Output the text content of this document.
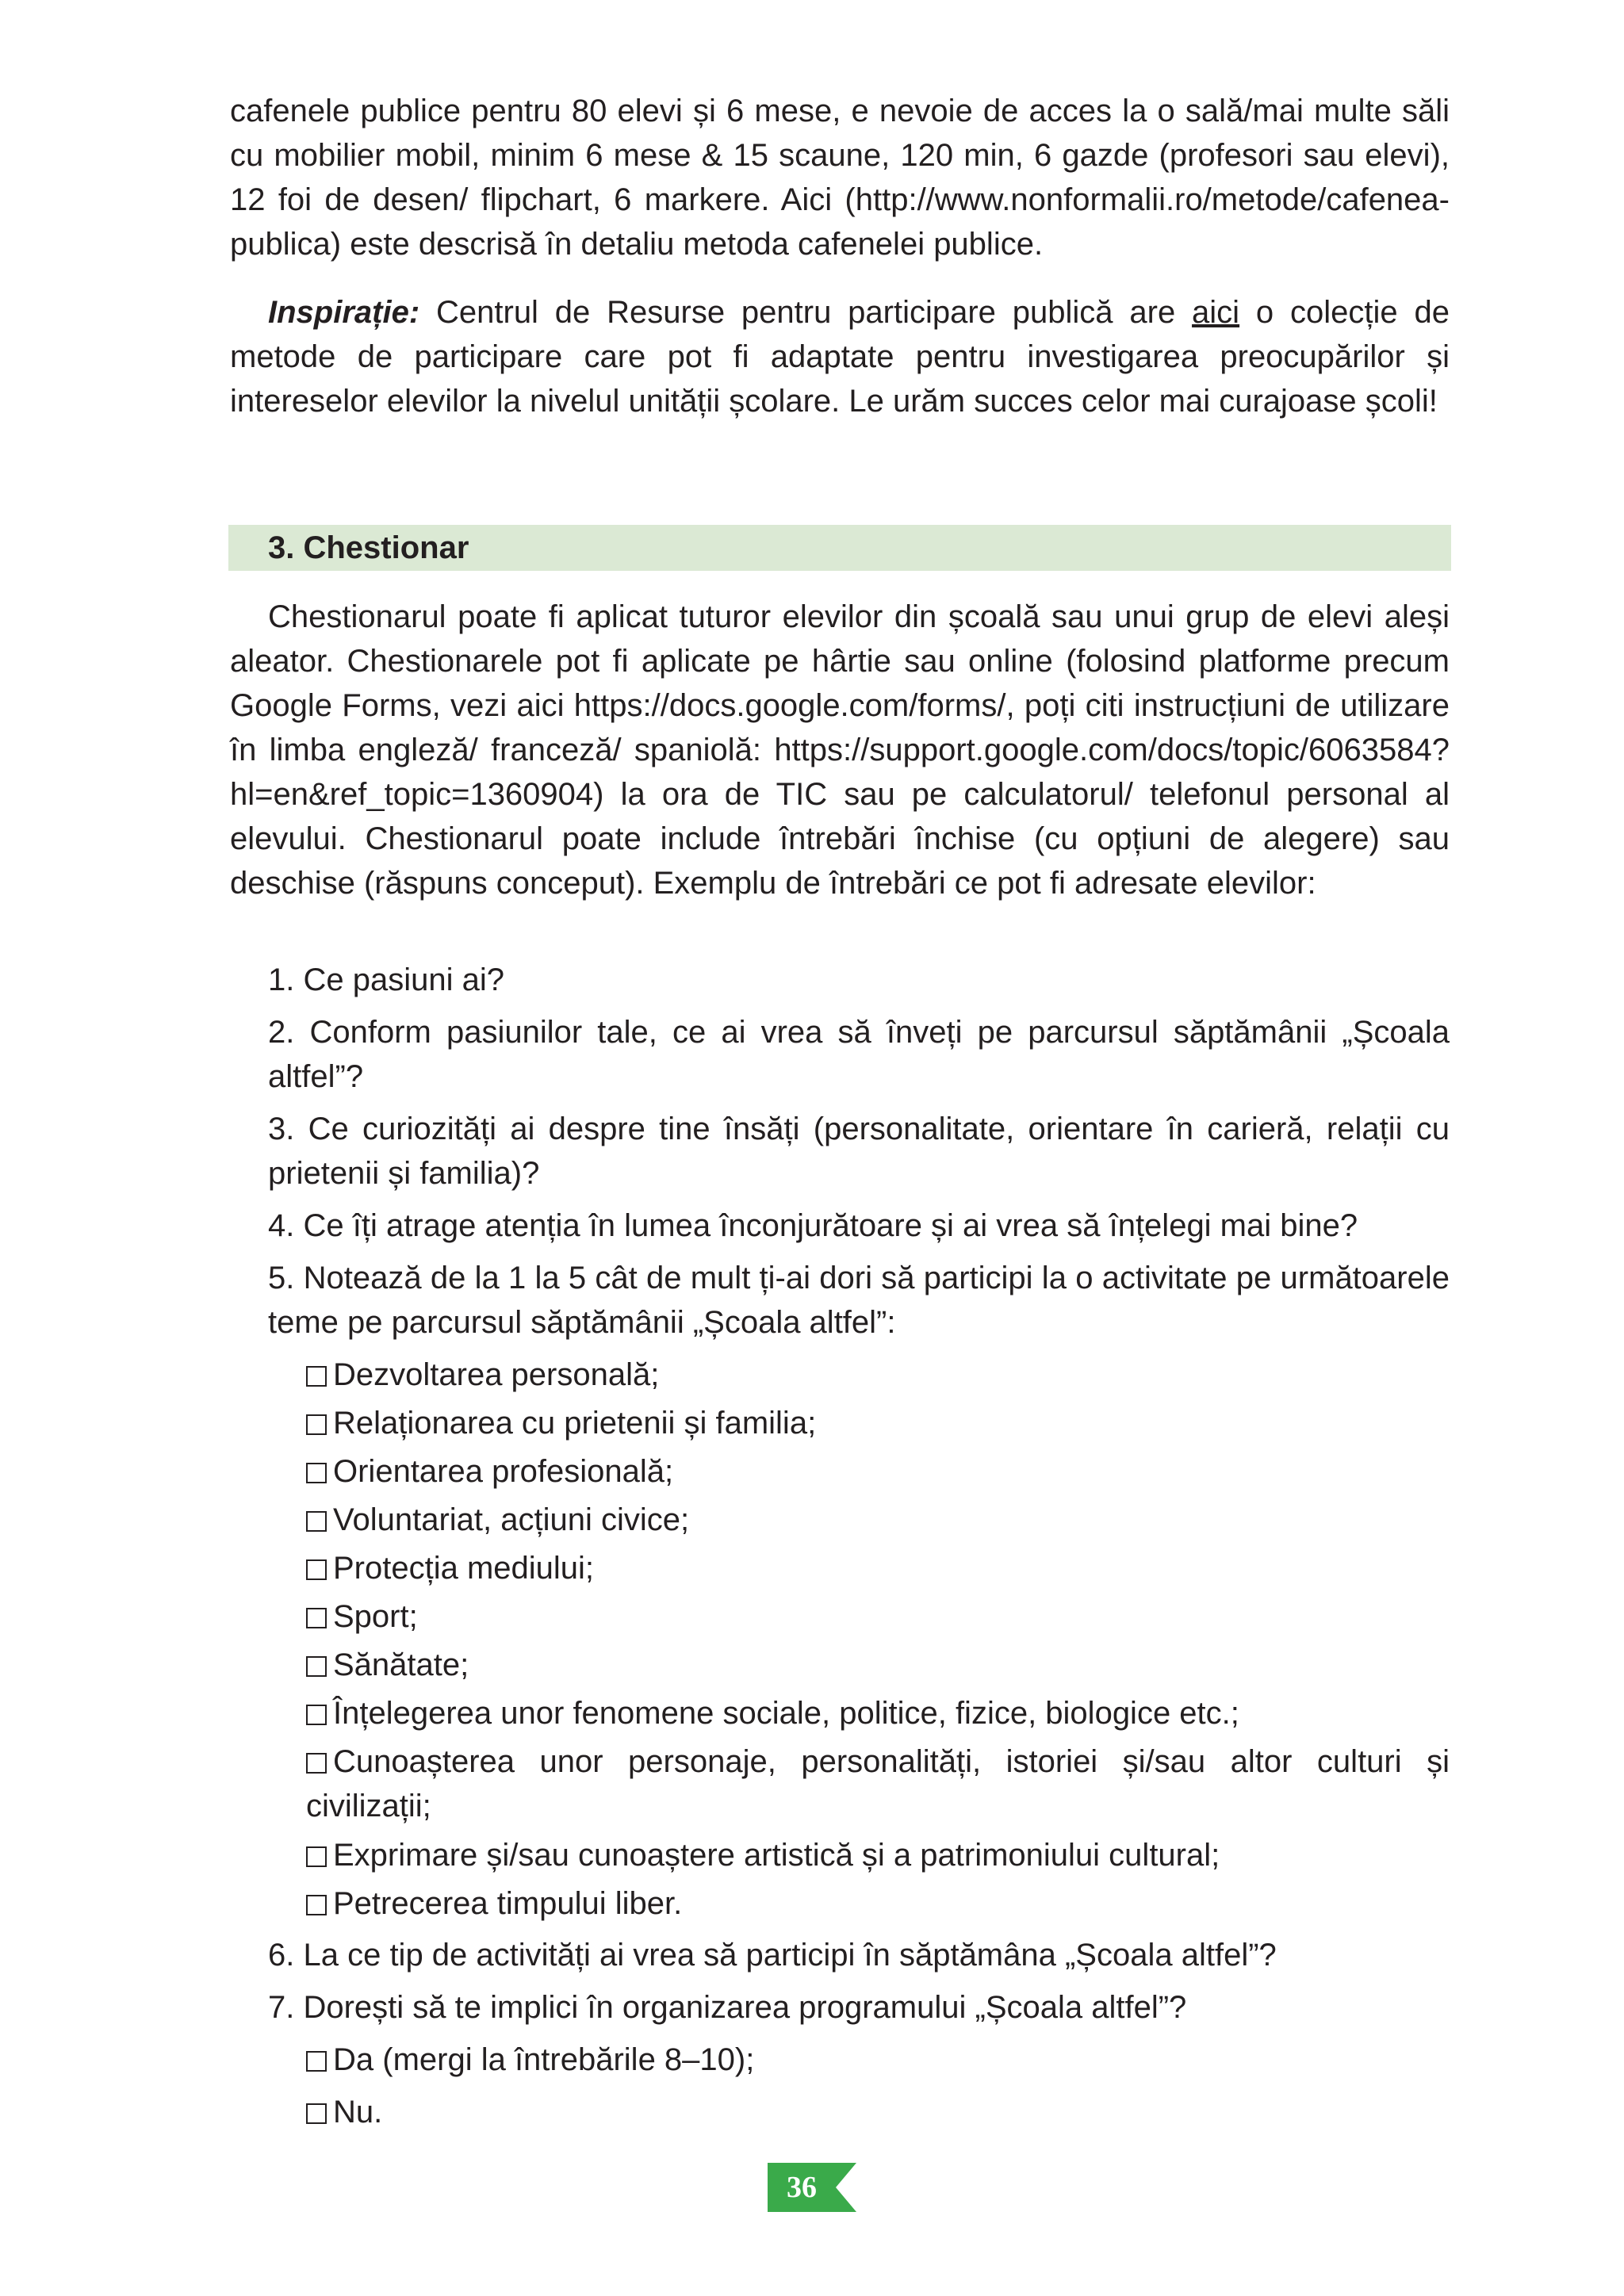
cafenele publice pentru 80 elevi și 6 mese, e nevoie de acces la o sală/mai multe săli cu mobilier mobil, minim 6 mese & 15 scaune, 120 min, 6 gazde (profesori sau elevi), 12 foi de desen/ flipchart, 6 markere. Aici (http://www.nonformalii.ro/metode/cafenea-publica) este descrisă în detaliu metoda cafenelei publice.

Inspirație: Centrul de Resurse pentru participare publică are aici o colecție de metode de participare care pot fi adaptate pentru investigarea preocupărilor și intereselor elevilor la nivelul unității școlare. Le urăm succes celor mai curajoase școli!

3. Chestionar

Chestionarul poate fi aplicat tuturor elevilor din școală sau unui grup de elevi aleși aleator. Chestionarele pot fi aplicate pe hârtie sau online (folosind platforme precum Google Forms, vezi aici https://docs.google.com/forms/, poți citi instrucțiuni de utilizare în limba engleză/ franceză/ spaniolă: https://support.google.com/docs/topic/6063584?hl=en&ref_topic=1360904) la ora de TIC sau pe calculatorul/ telefonul personal al elevului. Chestionarul poate include întrebări închise (cu opțiuni de alegere) sau deschise (răspuns conceput). Exemplu de întrebări ce pot fi adresate elevilor:

1. Ce pasiuni ai?
2. Conform pasiunilor tale, ce ai vrea să înveți pe parcursul săptămânii „Școala altfel”?
3. Ce curiozități ai despre tine însăți (personalitate, orientare în carieră, relații cu prietenii și familia)?
4. Ce îți atrage atenția în lumea înconjurătoare și ai vrea să înțelegi mai bine?
5. Notează de la 1 la 5 cât de mult ți-ai dori să participi la o activitate pe următoarele teme pe parcursul săptămânii „Școala altfel”:
Dezvoltarea personală;
Relaționarea cu prietenii și familia;
Orientarea profesională;
Voluntariat, acțiuni civice;
Protecția mediului;
Sport;
Sănătate;
Înțelegerea unor fenomene sociale, politice, fizice, biologice etc.;
Cunoașterea unor personaje, personalități, istoriei și/sau altor culturi și civilizații;
Exprimare și/sau cunoaștere artistică și a patrimoniului cultural;
Petrecerea timpului liber.
6. La ce tip de activități ai vrea să participi în săptămâna „Școala altfel”?
7. Dorești să te implici în organizarea programului „Școala altfel”?
Da (mergi la întrebările 8–10);
Nu.
36
